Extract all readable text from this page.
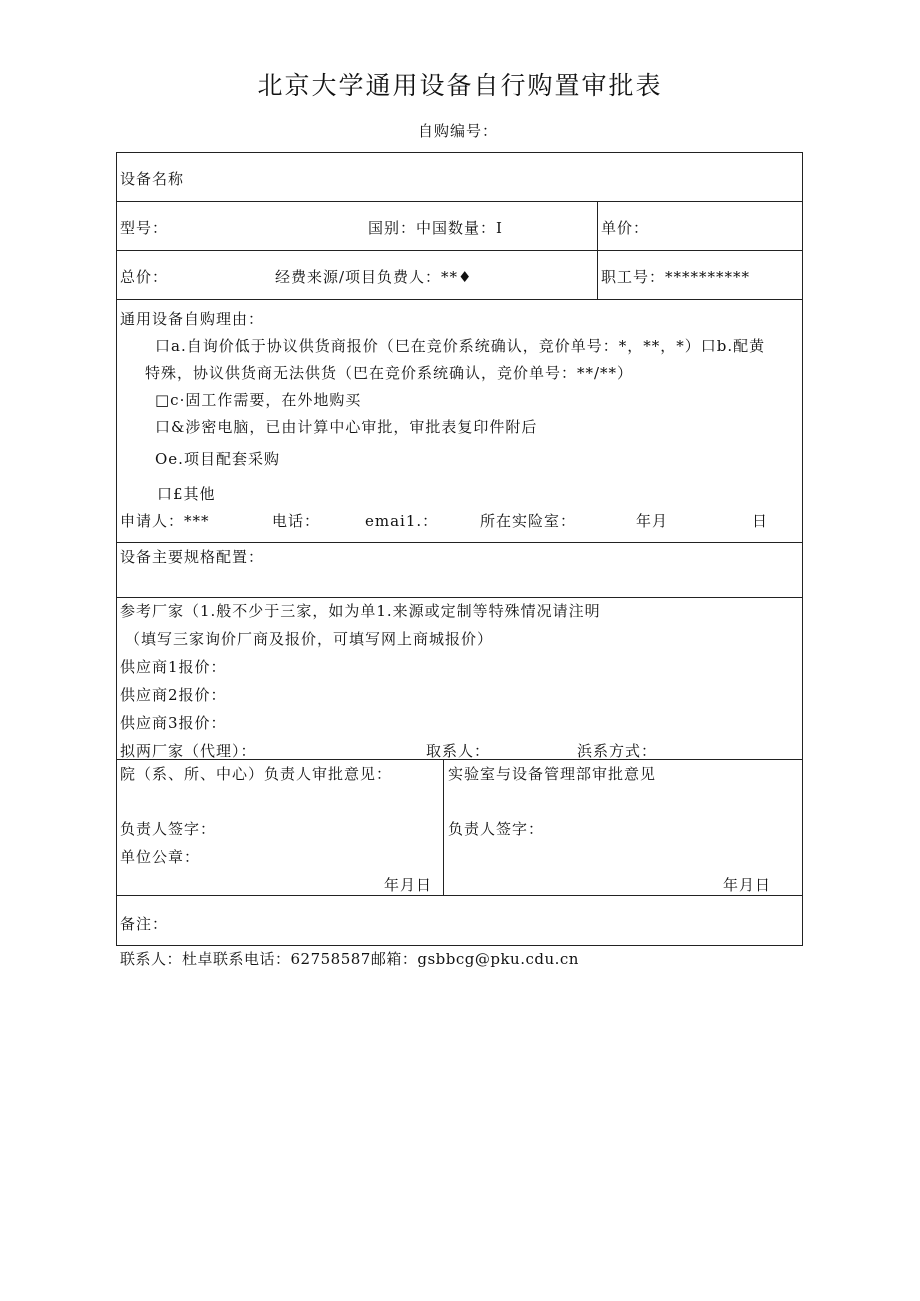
北京大学通用设备自行购置审批表
自购编号：
设备名称
型号：	国别：中国数量：I	单价：
总价：	经费来源/项目负费人：**♦	职工号：**********
通用设备自购理由：
口a.自询价低于协议供货商报价（巳在竞价系统确认，竞价单号：*，**，*）口b.配黄
特殊，协议供货商无法供货（巴在竞价系统确认，竞价单号：**/**）
□c·固工作需要，在外地购买
口&涉密电脑，已由计算中心审批，审批表复印件附后
Oe.项目配套采购
口£其他
申请人：***	电话：	emai1.：	所在实险室：	年月	日
设备主要规格配置：
参考厂家（1.般不少于三家，如为单1.来源或定制等特殊情况请注明
（填写三家询价厂商及报价，可填写网上商城报价）
供应商1报价：
供应商2报价：
供应商3报价：
拟两厂家（代理）：	取系人：	浜系方式：
院（系、所、中心）负责人审批意见：
负责人签字：
单位公章：
年月日
实验室与设备管理部审批意见
负责人签字：
年月日
备注：
联系人：杜卓联系电话：62758587邮箱：gsbbcg@pku.cdu.cn
